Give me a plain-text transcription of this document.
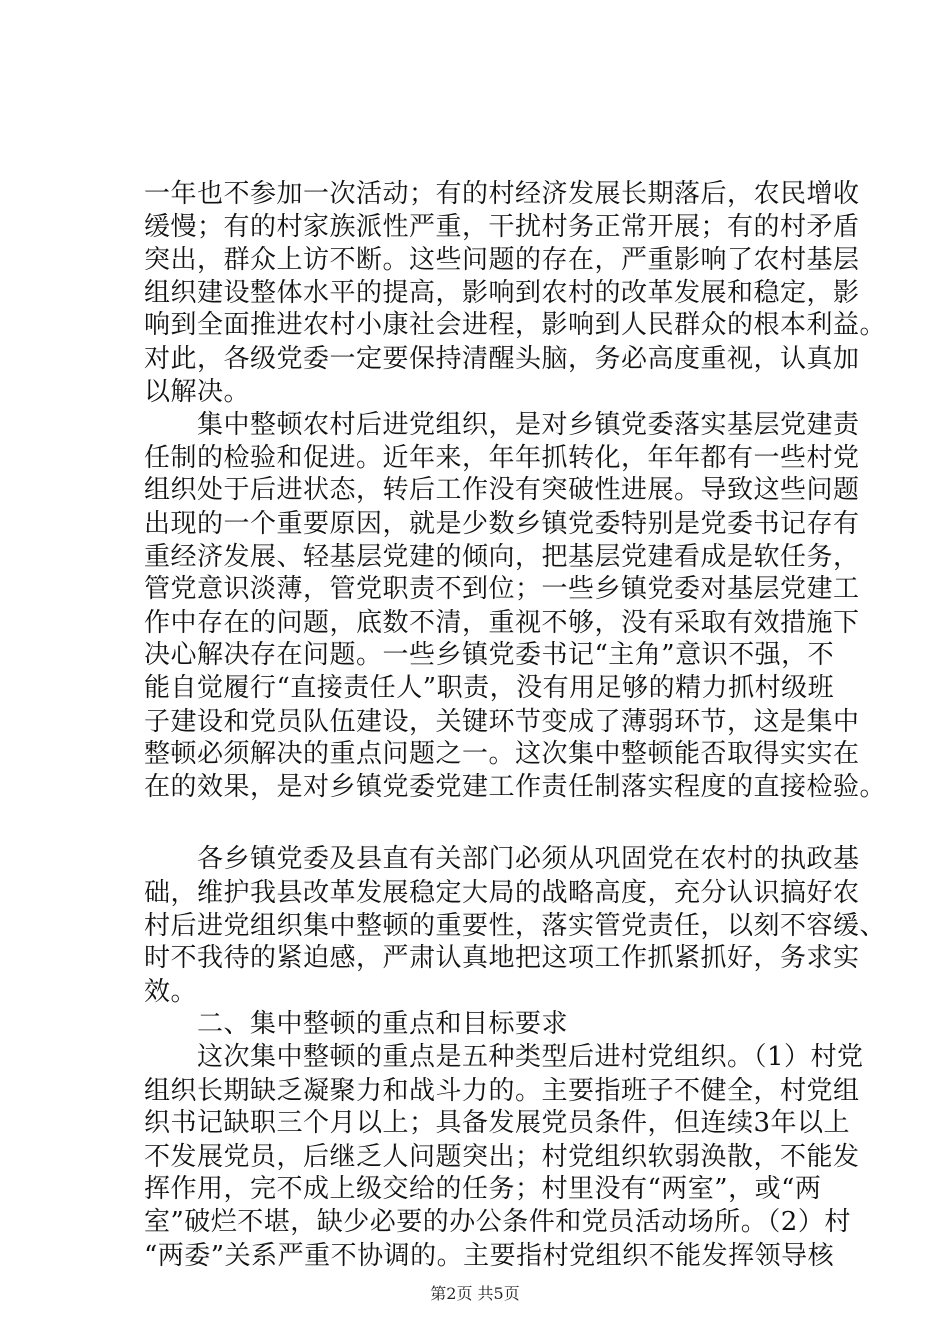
一年也不参加一次活动；有的村经济发展长期落后，农民增收
缓慢；有的村家族派性严重，干扰村务正常开展；有的村矛盾
突出，群众上访不断。这些问题的存在，严重影响了农村基层
组织建设整体水平的提高，影响到农村的改革发展和稳定，影
响到全面推进农村小康社会进程，影响到人民群众的根本利益。
对此，各级党委一定要保持清醒头脑，务必高度重视，认真加
以解决。
　　集中整顿农村后进党组织，是对乡镇党委落实基层党建责
任制的检验和促进。近年来，年年抓转化，年年都有一些村党
组织处于后进状态，转后工作没有突破性进展。导致这些问题
出现的一个重要原因，就是少数乡镇党委特别是党委书记存有
重经济发展、轻基层党建的倾向，把基层党建看成是软任务，
管党意识淡薄，管党职责不到位；一些乡镇党委对基层党建工
作中存在的问题，底数不清，重视不够，没有采取有效措施下
决心解决存在问题。一些乡镇党委书记“主角”意识不强，不
能自觉履行“直接责任人”职责，没有用足够的精力抓村级班
子建设和党员队伍建设，关键环节变成了薄弱环节，这是集中
整顿必须解决的重点问题之一。这次集中整顿能否取得实实在
在的效果，是对乡镇党委党建工作责任制落实程度的直接检验。
　　各乡镇党委及县直有关部门必须从巩固党在农村的执政基
础，维护我县改革发展稳定大局的战略高度，充分认识搞好农
村后进党组织集中整顿的重要性，落实管党责任，以刻不容缓、
时不我待的紧迫感，严肃认真地把这项工作抓紧抓好，务求实
效。
　　二、集中整顿的重点和目标要求
　　这次集中整顿的重点是五种类型后进村党组织。（1）村党
组织长期缺乏凝聚力和战斗力的。主要指班子不健全，村党组
织书记缺职三个月以上；具备发展党员条件，但连续3年以上
不发展党员，后继乏人问题突出；村党组织软弱涣散，不能发
挥作用，完不成上级交给的任务；村里没有“两室”，或“两
室”破烂不堪，缺少必要的办公条件和党员活动场所。（2）村
“两委”关系严重不协调的。主要指村党组织不能发挥领导核
第2页 共5页
